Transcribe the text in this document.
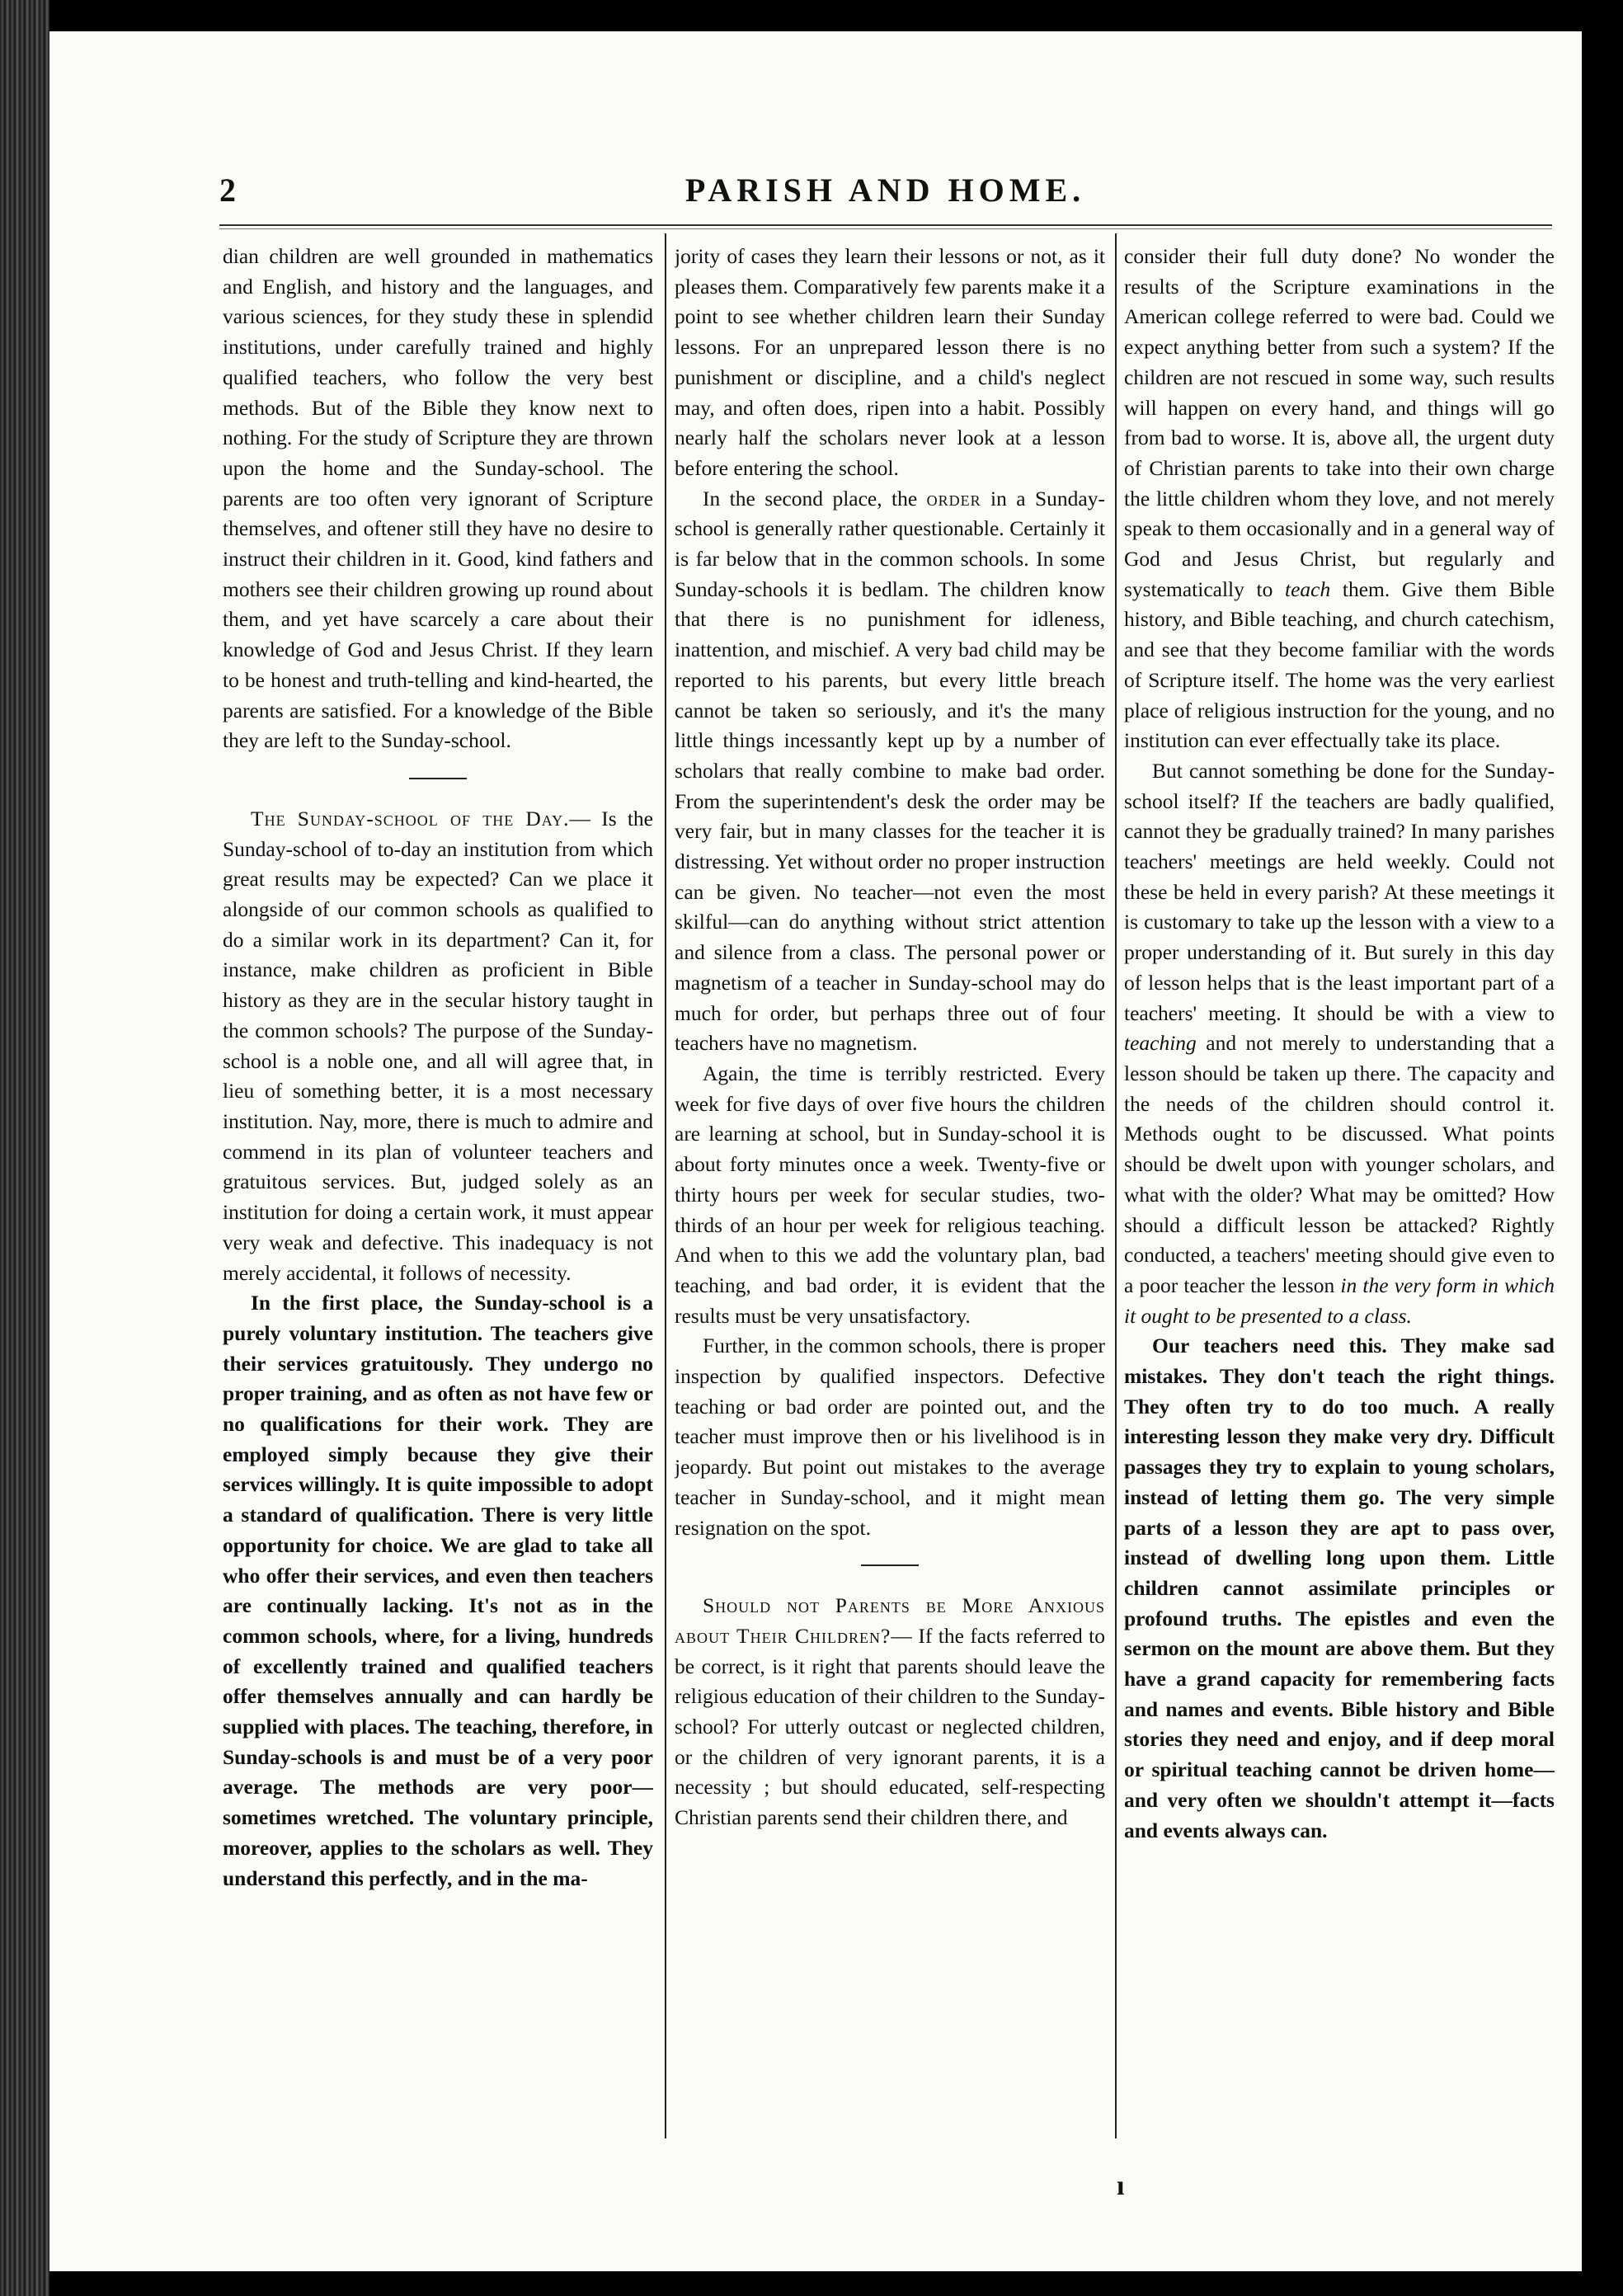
2	PARISH AND HOME.

dian children are well grounded in mathematics and English, and history and the languages, and various sciences, for they study these in splendid institutions, under carefully trained and highly qualified teachers, who follow the very best methods. But of the Bible they know next to nothing. For the study of Scripture they are thrown upon the home and the Sunday-school. The parents are too often very ignorant of Scripture themselves, and oftener still they have no desire to instruct their children in it. Good, kind fathers and mothers see their children growing up round about them, and yet have scarcely a care about their knowledge of God and Jesus Christ. If they learn to be honest and truth-telling and kind-hearted, the parents are satisfied. For a knowledge of the Bible they are left to the Sunday-school.

The Sunday-school of the Day.— Is the Sunday-school of to-day an institution from which great results may be expected? Can we place it alongside of our common schools as qualified to do a similar work in its department? Can it, for instance, make children as proficient in Bible history as they are in the secular history taught in the common schools? The purpose of the Sunday-school is a noble one, and all will agree that, in lieu of something better, it is a most necessary institution. Nay, more, there is much to admire and commend in its plan of volunteer teachers and gratuitous services. But, judged solely as an institution for doing a certain work, it must appear very weak and defective. This inadequacy is not merely accidental, it follows of necessity.

In the first place, the Sunday-school is a purely voluntary institution. The teachers give their services gratuitously. They undergo no proper training, and as often as not have few or no qualifications for their work. They are employed simply because they give their services willingly. It is quite impossible to adopt a standard of qualification. There is very little opportunity for choice. We are glad to take all who offer their services, and even then teachers are continually lacking. It's not as in the common schools, where, for a living, hundreds of excellently trained and qualified teachers offer themselves annually and can hardly be supplied with places. The teaching, therefore, in Sunday-schools is and must be of a very poor average. The methods are very poor—sometimes wretched. The voluntary principle, moreover, applies to the scholars as well. They understand this perfectly, and in the ma-

jority of cases they learn their lessons or not, as it pleases them. Comparatively few parents make it a point to see whether children learn their Sunday lessons. For an unprepared lesson there is no punishment or discipline, and a child's neglect may, and often does, ripen into a habit. Possibly nearly half the scholars never look at a lesson before entering the school.

In the second place, the order in a Sunday-school is generally rather questionable. Certainly it is far below that in the common schools. In some Sunday-schools it is bedlam. The children know that there is no punishment for idleness, inattention, and mischief. A very bad child may be reported to his parents, but every little breach cannot be taken so seriously, and it's the many little things incessantly kept up by a number of scholars that really combine to make bad order. From the superintendent's desk the order may be very fair, but in many classes for the teacher it is distressing. Yet without order no proper instruction can be given. No teacher—not even the most skilful—can do anything without strict attention and silence from a class. The personal power or magnetism of a teacher in Sunday-school may do much for order, but perhaps three out of four teachers have no magnetism.

Again, the time is terribly restricted. Every week for five days of over five hours the children are learning at school, but in Sunday-school it is about forty minutes once a week. Twenty-five or thirty hours per week for secular studies, two-thirds of an hour per week for religious teaching. And when to this we add the voluntary plan, bad teaching, and bad order, it is evident that the results must be very unsatisfactory.

Further, in the common schools, there is proper inspection by qualified inspectors. Defective teaching or bad order are pointed out, and the teacher must improve then or his livelihood is in jeopardy. But point out mistakes to the average teacher in Sunday-school, and it might mean resignation on the spot.

Should not Parents be More Anxious about Their Children?— If the facts referred to be correct, is it right that parents should leave the religious education of their children to the Sunday-school? For utterly outcast or neglected children, or the children of very ignorant parents, it is a necessity ; but should educated, self-respecting Christian parents send their children there, and

consider their full duty done? No wonder the results of the Scripture examinations in the American college referred to were bad. Could we expect anything better from such a system? If the children are not rescued in some way, such results will happen on every hand, and things will go from bad to worse. It is, above all, the urgent duty of Christian parents to take into their own charge the little children whom they love, and not merely speak to them occasionally and in a general way of God and Jesus Christ, but regularly and systematically to teach them. Give them Bible history, and Bible teaching, and church catechism, and see that they become familiar with the words of Scripture itself. The home was the very earliest place of religious instruction for the young, and no institution can ever effectually take its place.

But cannot something be done for the Sunday-school itself? If the teachers are badly qualified, cannot they be gradually trained? In many parishes teachers' meetings are held weekly. Could not these be held in every parish? At these meetings it is customary to take up the lesson with a view to a proper understanding of it. But surely in this day of lesson helps that is the least important part of a teachers' meeting. It should be with a view to teaching and not merely to understanding that a lesson should be taken up there. The capacity and the needs of the children should control it. Methods ought to be discussed. What points should be dwelt upon with younger scholars, and what with the older? What may be omitted? How should a difficult lesson be attacked? Rightly conducted, a teachers' meeting should give even to a poor teacher the lesson in the very form in which it ought to be presented to a class.

Our teachers need this. They make sad mistakes. They don't teach the right things. They often try to do too much. A really interesting lesson they make very dry. Difficult passages they try to explain to young scholars, instead of letting them go. The very simple parts of a lesson they are apt to pass over, instead of dwelling long upon them. Little children cannot assimilate principles or profound truths. The epistles and even the sermon on the mount are above them. But they have a grand capacity for remembering facts and names and events. Bible history and Bible stories they need and enjoy, and if deep moral or spiritual teaching cannot be driven home—and very often we shouldn't attempt it—facts and events always can.

ı
